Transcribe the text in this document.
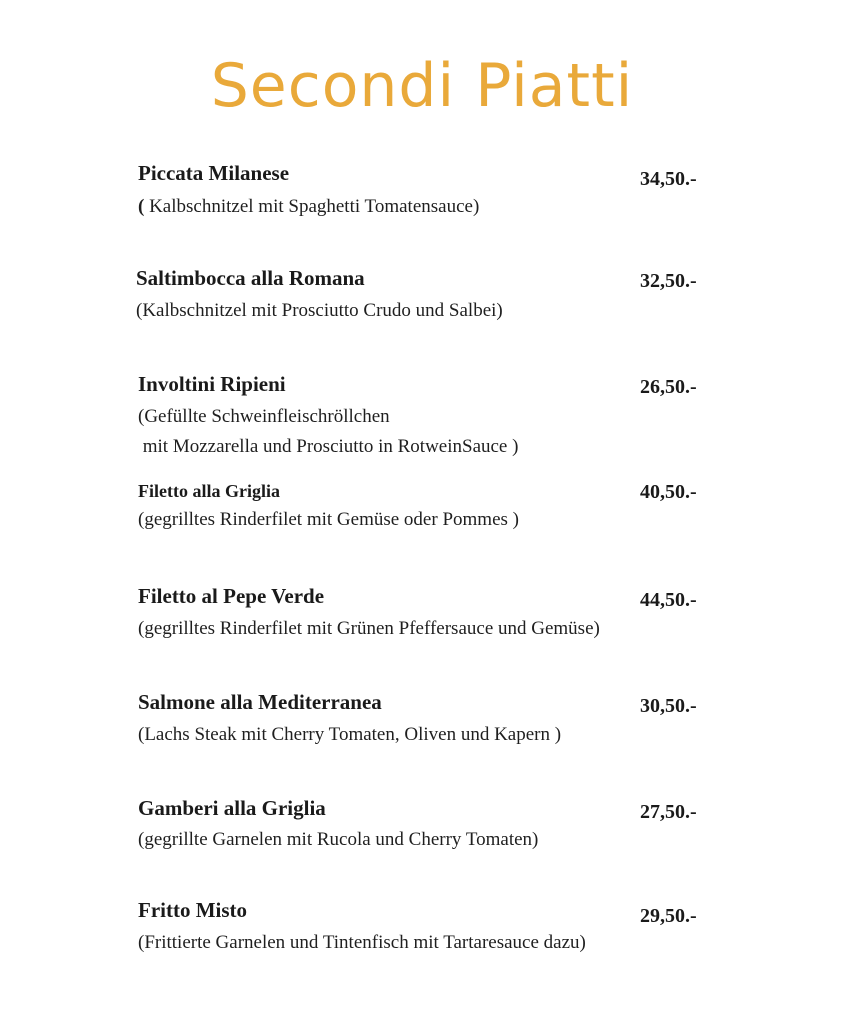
Secondi Piatti
Piccata Milanese	34,50.-
( Kalbschnitzel mit Spaghetti Tomatensauce)
Saltimbocca alla Romana	32,50.-
(Kalbschnitzel mit Prosciutto Crudo und Salbei)
Involtini Ripieni	26,50.-
(Gefüllte Schweinfleischröllchen
mit Mozzarella und Prosciutto in RotweinSauce )
Filetto alla Griglia	40,50.-
(gegrilltes Rinderfilet mit Gemüse oder Pommes )
Filetto al Pepe Verde	44,50.-
(gegrilltes Rinderfilet mit Grünen Pfeffersauce und Gemüse)
Salmone alla Mediterranea	30,50.-
(Lachs Steak mit Cherry Tomaten, Oliven und Kapern )
Gamberi alla Griglia	27,50.-
(gegrillte Garnelen mit Rucola und Cherry Tomaten)
Fritto Misto	29,50.-
(Frittierte Garnelen und Tintenfisch mit Tartaresauce dazu)
